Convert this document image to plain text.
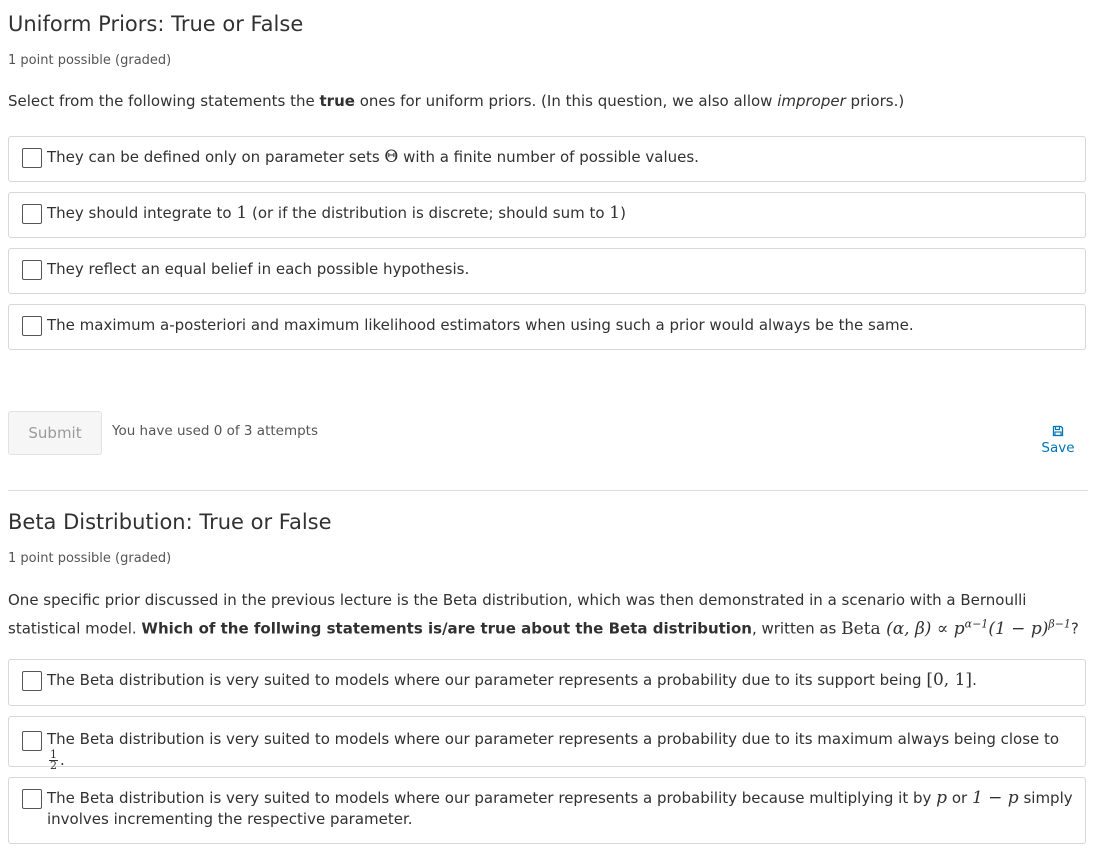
Uniform Priors: True or False
1 point possible (graded)
Select from the following statements the true ones for uniform priors. (In this question, we also allow improper priors.)
They can be defined only on parameter sets Θ with a finite number of possible values.
They should integrate to 1 (or if the distribution is discrete; should sum to 1)
They reflect an equal belief in each possible hypothesis.
The maximum a-posteriori and maximum likelihood estimators when using such a prior would always be the same.
Submit	You have used 0 of 3 attempts
Save
Beta Distribution: True or False
1 point possible (graded)
One specific prior discussed in the previous lecture is the Beta distribution, which was then demonstrated in a scenario with a Bernoulli statistical model. Which of the follwing statements is/are true about the Beta distribution, written as Beta (α, $\beta) \propto p^{\alpha-1}(1 - p)^{\beta-1}$?
The Beta distribution is very suited to models where our parameter represents a probability due to its support being [0, 1].
The Beta distribution is very suited to models where our parameter represents a probability due to its maximum always being close to
$\frac{1}{2}$ .
The Beta distribution is very suited to models where our parameter represents a probability because multiplying it by p or 1 − p simply involves incrementing the respective parameter.
